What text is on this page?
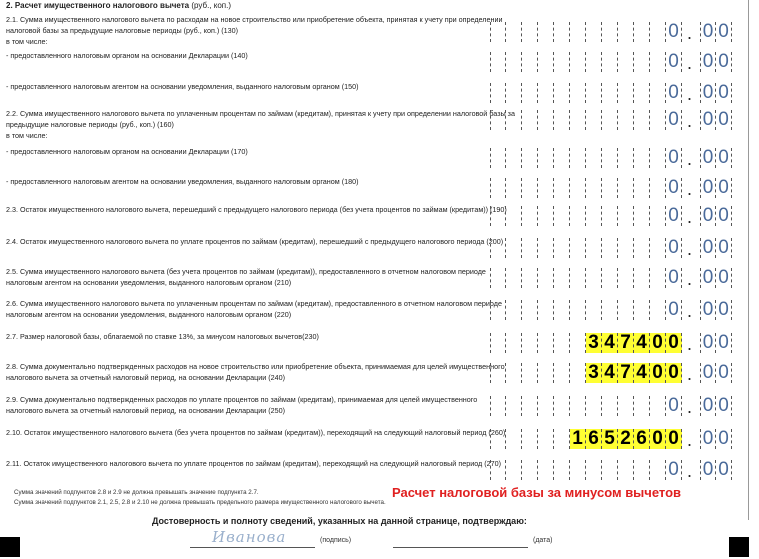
2. Расчет имущественного налогового вычета (руб., коп.)
2.1. Сумма имущественного налогового вычета по расходам на новое строительство или приобретение объекта, принятая к учету при определении налоговой базы за предыдущие налоговые периоды (руб., коп.) (130)
в том числе:	0 . 0 0
- предоставленного налоговым органом на основании Декларации (140)	0 . 0 0
- предоставленного налоговым агентом на основании уведомления, выданного налоговым органом (150)	0 . 0 0
2.2. Сумма имущественного налогового вычета по уплаченным процентам по займам (кредитам), принятая к учету при определении налоговой базы за предыдущие налоговые периоды (руб., коп.) (160)
в том числе:
0 . 0 0
- предоставленного налоговым органом на основании Декларации (170)	0 . 0 0
- предоставленного налоговым агентом на основании уведомления, выданного налоговым органом (180)	0 . 0 0
2.3. Остаток имущественного налогового вычета, перешедший с предыдущего налогового периода (без учета процентов по займам (кредитам)) (190)	0 . 0 0
2.4. Остаток имущественного налогового вычета по уплате процентов по займам (кредитам), перешедший с предыдущего налогового периода (200)	0 . 0 0
2.5. Сумма имущественного налогового вычета (без учета процентов по займам (кредитам)), предоставленного в отчетном налоговом периоде налоговым агентом на основании уведомления, выданного налоговым органом (210)	0 . 0 0
2.6. Сумма имущественного налогового вычета по уплаченным процентам по займам (кредитам), предоставленного в отчетном налоговом периоде налоговым агентом на основании уведомления, выданного налоговым органом (220)	0 . 0 0
2.7. Размер налоговой базы, облагаемой по ставке 13%, за минусом налоговых вычетов(230)	3 4 7 4 0 0 . 0 0
2.8. Сумма документально подтвержденных расходов на новое строительство или приобретение объекта, принимаемая для целей имущественного налогового вычета за отчетный налоговый период, на основании Декларации (240)	3 4 7 4 0 0 . 0 0
2.9. Сумма документально подтвержденных расходов по уплате процентов по займам (кредитам), принимаемая для целей имущественного налогового вычета за отчетный налоговый период, на основании Декларации (250)	0 . 0 0
2.10. Остаток имущественного налогового вычета (без учета процентов по займам (кредитам)), переходящий на следующий налоговый период (260)	1 6 5 2 6 0 0 . 0 0
2.11. Остаток имущественного налогового вычета по уплате процентов по займам (кредитам), переходящий на следующий налоговый период (270)	0 . 0 0
Сумма значений подпунктов 2.8 и 2.9 не должна превышать значение подпункта 2.7.
Сумма значений подпунктов 2.1, 2.5, 2.8 и 2.10 не должна превышать предельного размера имущественного налогового вычета.
Расчет налоговой базы за минусом вычетов
Достоверность и полноту сведений, указанных на данной странице, подтверждаю:
Иванова	(подпись)	(дата)
